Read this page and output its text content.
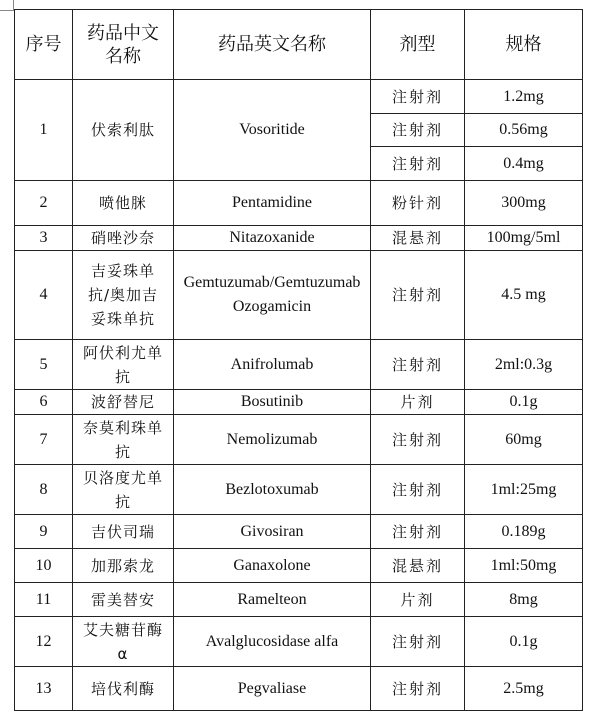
序号	药品中文名称	药品英文名称	剂型	规格
1	伏索利肽	Vosoritide	注射剂	1.2mg
			注射剂	0.56mg
			注射剂	0.4mg
2	喷他脒	Pentamidine	粉针剂	300mg
3	硝唑沙奈	Nitazoxanide	混悬剂	100mg/5ml
4	吉妥珠单抗/奥加吉妥珠单抗	Gemtuzumab/Gemtuzumab Ozogamicin	注射剂	4.5 mg
5	阿伏利尤单抗	Anifrolumab	注射剂	2ml:0.3g
6	波舒替尼	Bosutinib	片剂	0.1g
7	奈莫利珠单抗	Nemolizumab	注射剂	60mg
8	贝洛度尤单抗	Bezlotoxumab	注射剂	1ml:25mg
9	吉伏司瑞	Givosiran	注射剂	0.189g
10	加那索龙	Ganaxolone	混悬剂	1ml:50mg
11	雷美替安	Ramelteon	片剂	8mg
12	艾夫糖苷酶α	Avalglucosidase alfa	注射剂	0.1g
13	培伐利酶	Pegvaliase	注射剂	2.5mg
